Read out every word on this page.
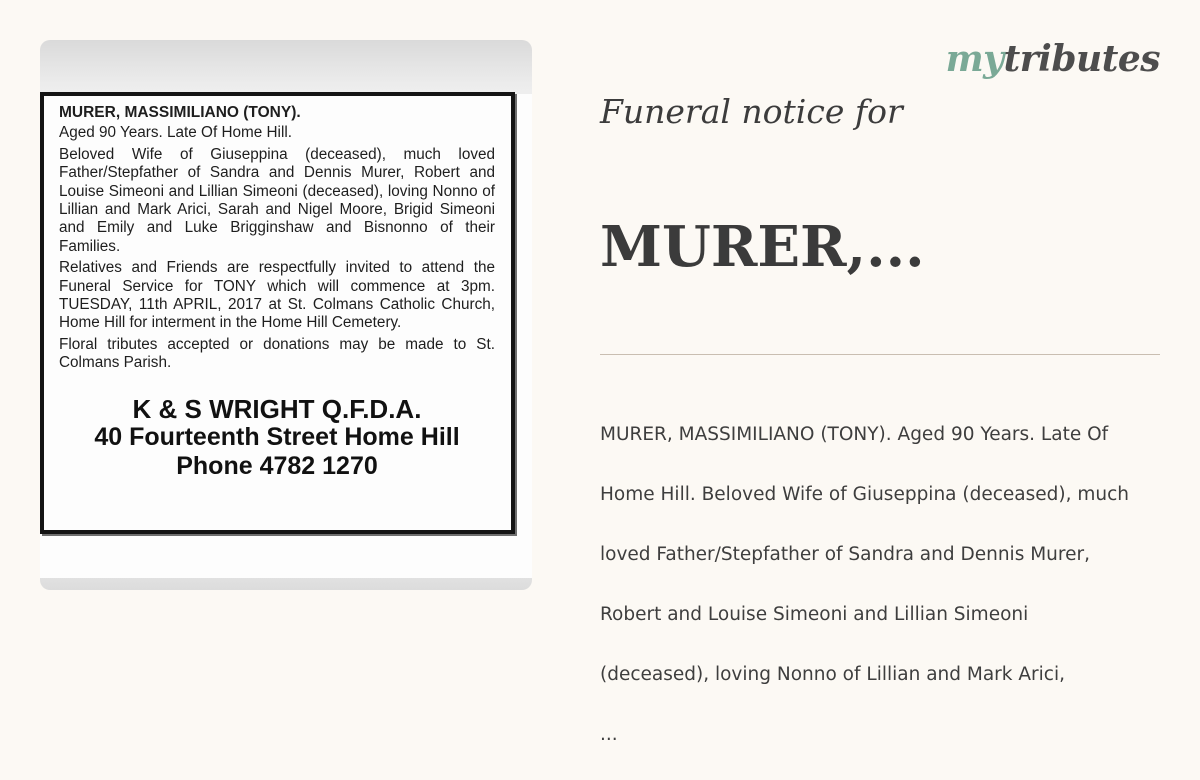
MURER, MASSIMILIANO (TONY).
Aged 90 Years. Late Of Home Hill.
Beloved Wife of Giuseppina (deceased), much loved Father/Stepfather of Sandra and Dennis Murer, Robert and Louise Simeoni and Lillian Simeoni (deceased), loving Nonno of Lillian and Mark Arici, Sarah and Nigel Moore, Brigid Simeoni and Emily and Luke Brigginshaw and Bisnonno of their Families.
Relatives and Friends are respectfully invited to attend the Funeral Service for TONY which will commence at 3pm. TUESDAY, 11th APRIL, 2017 at St. Colmans Catholic Church, Home Hill for interment in the Home Hill Cemetery.
Floral tributes accepted or donations may be made to St. Colmans Parish.
K & S WRIGHT Q.F.D.A.
40 Fourteenth Street Home Hill
Phone 4782 1270
mytributes
Funeral notice for
MURER,...

MURER, MASSIMILIANO (TONY). Aged 90 Years. Late Of

Home Hill. Beloved Wife of Giuseppina (deceased), much

loved Father/Stepfather of Sandra and Dennis Murer,

Robert and Louise Simeoni and Lillian Simeoni

(deceased), loving Nonno of Lillian and Mark Arici,

...
